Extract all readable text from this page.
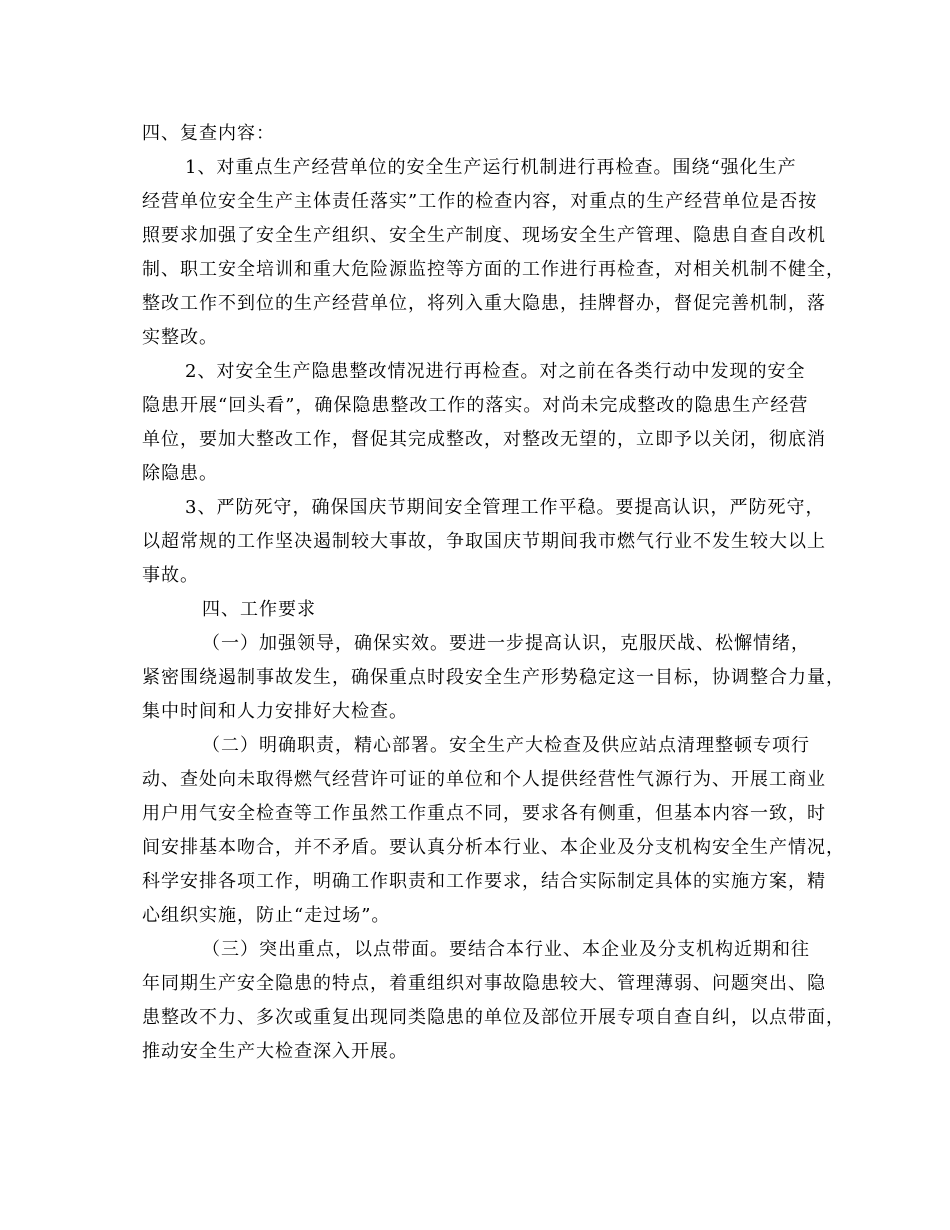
四、复查内容：

1、对重点生产经营单位的安全生产运行机制进行再检查。围绕“强化生产
经营单位安全生产主体责任落实”工作的检查内容，对重点的生产经营单位是否按
照要求加强了安全生产组织、安全生产制度、现场安全生产管理、隐患自查自改机
制、职工安全培训和重大危险源监控等方面的工作进行再检查，对相关机制不健全，
整改工作不到位的生产经营单位，将列入重大隐患，挂牌督办，督促完善机制，落
实整改。

2、对安全生产隐患整改情况进行再检查。对之前在各类行动中发现的安全
隐患开展“回头看”，确保隐患整改工作的落实。对尚未完成整改的隐患生产经营
单位，要加大整改工作，督促其完成整改，对整改无望的，立即予以关闭，彻底消
除隐患。

3、严防死守，确保国庆节期间安全管理工作平稳。要提高认识，严防死守，
以超常规的工作坚决遏制较大事故，争取国庆节期间我市燃气行业不发生较大以上
事故。

四、工作要求

（一）加强领导，确保实效。要进一步提高认识，克服厌战、松懈情绪，
紧密围绕遏制事故发生，确保重点时段安全生产形势稳定这一目标，协调整合力量，
集中时间和人力安排好大检查。

（二）明确职责，精心部署。安全生产大检查及供应站点清理整顿专项行
动、查处向未取得燃气经营许可证的单位和个人提供经营性气源行为、开展工商业
用户用气安全检查等工作虽然工作重点不同，要求各有侧重，但基本内容一致，时
间安排基本吻合，并不矛盾。要认真分析本行业、本企业及分支机构安全生产情况，
科学安排各项工作，明确工作职责和工作要求，结合实际制定具体的实施方案，精
心组织实施，防止“走过场”。

（三）突出重点，以点带面。要结合本行业、本企业及分支机构近期和往
年同期生产安全隐患的特点，着重组织对事故隐患较大、管理薄弱、问题突出、隐
患整改不力、多次或重复出现同类隐患的单位及部位开展专项自查自纠，以点带面，
推动安全生产大检查深入开展。
